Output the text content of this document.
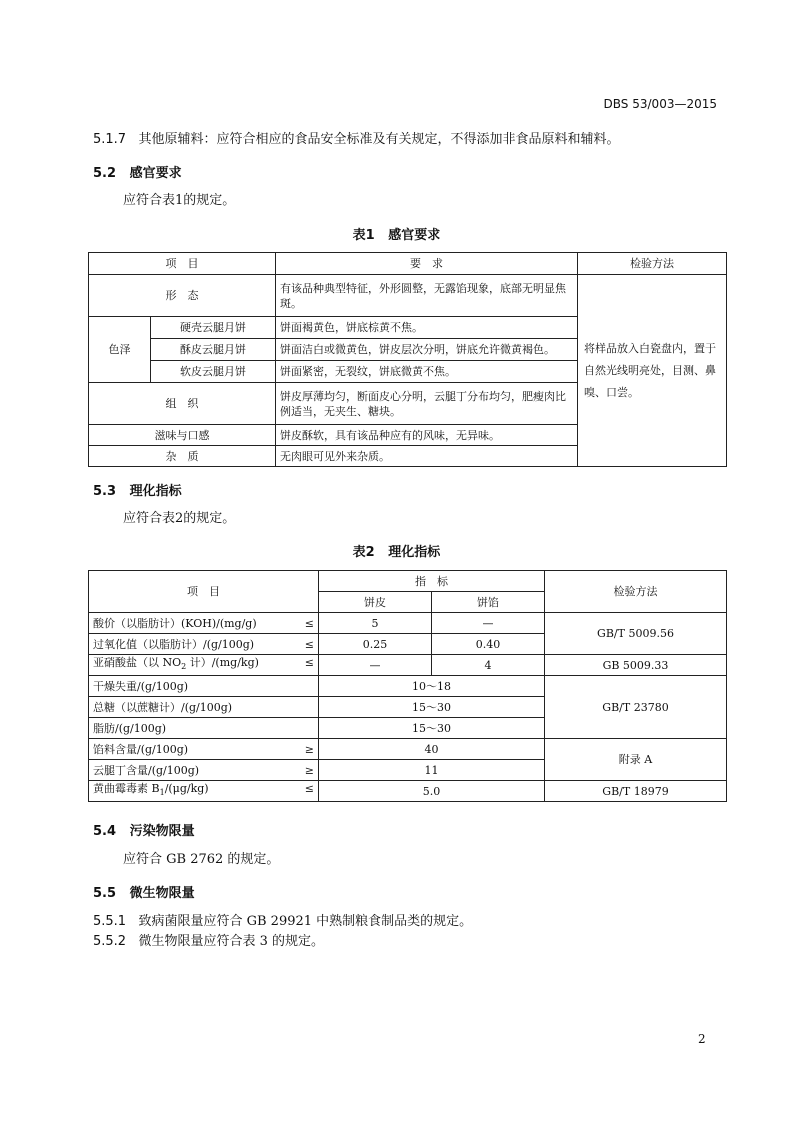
DBS 53/003—2015
5.1.7 其他原辅料：应符合相应的食品安全标准及有关规定，不得添加非食品原料和辅料。
5.2 感官要求
应符合表1的规定。
表1 感官要求
项　目		要　求	检验方法
形　态		有该品种典型特征，外形圆整，无露馅现象，底部无明显焦斑。	将样品放入白瓷盘内，置于自然光线明亮处，目测、鼻嗅、口尝。
色泽	硬壳云腿月饼	饼面褐黄色，饼底棕黄不焦。	
	酥皮云腿月饼	饼面洁白或微黄色，饼皮层次分明，饼底允许微黄褐色。	
	软皮云腿月饼	饼面紧密，无裂纹，饼底微黄不焦。	
组　织		饼皮厚薄均匀，断面皮心分明，云腿丁分布均匀，肥瘦肉比例适当，无夹生、糖块。	
滋味与口感		饼皮酥软，具有该品种应有的风味，无异味。	
杂　质		无肉眼可见外来杂质。	
5.3 理化指标
应符合表2的规定。
表2 理化指标
项　目	指　标		检验方法
	饼皮	饼馅	
酸价（以脂肪计）(KOH)/(mg/g) ≤	5	—	GB/T 5009.56
过氧化值（以脂肪计）/(g/100g) ≤	0.25	0.40	
亚硝酸盐（以 $NO_2$ 计）/(mg/kg) ≤	—	4	GB 5009.33
干燥失重/(g/100g)	10～18		GB/T 23780
总糖（以蔗糖计）/(g/100g)	15～30		
脂肪/(g/100g)	15～30		
馅料含量/(g/100g) ≥	40		附录 A
云腿丁含量/(g/100g) ≥	11		
黄曲霉毒素 $B_1/(\mu g/kg)$ ≤	5.0		GB/T 18979
5.4 污染物限量
应符合 GB 2762 的规定。
5.5 微生物限量
5.5.1 致病菌限量应符合 GB 29921 中熟制粮食制品类的规定。
5.5.2 微生物限量应符合表 3 的规定。
2
